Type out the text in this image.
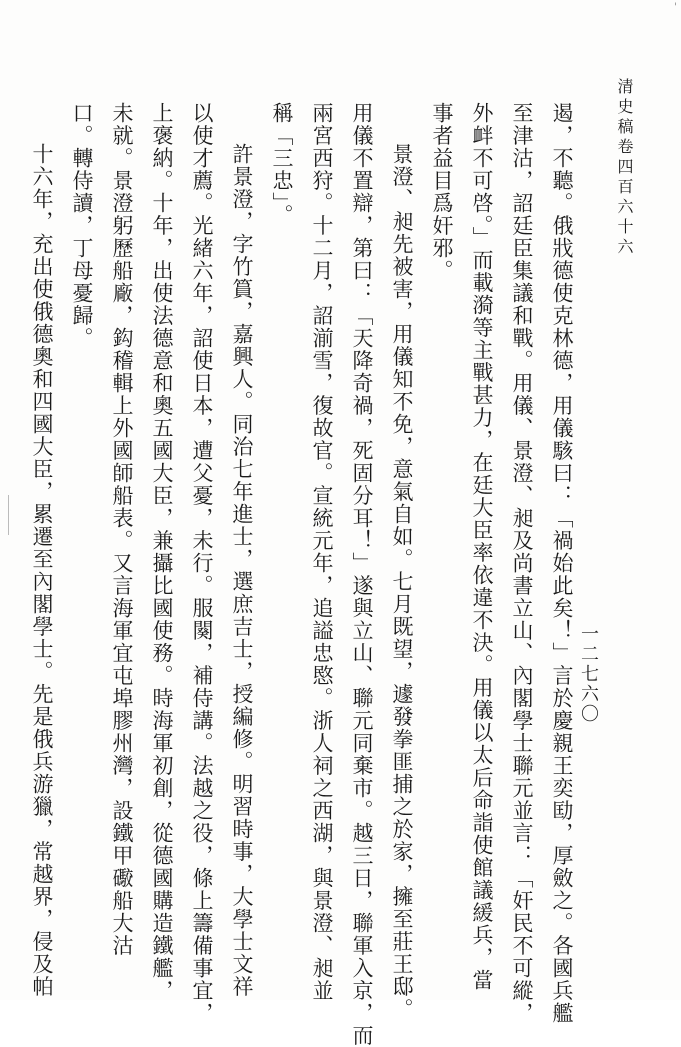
'
清史稿卷四百六十六
一二七六〇
遏，不聽。俄戕德使克林德，用儀駭曰：「禍始此矣！」言於慶親王奕劻，厚斂之。各國兵艦
至津沽，詔廷臣集議和戰。用儀、景澄、昶及尚書立山、內閣學士聯元並言：「奸民不可縱，
外衅不可啓。」而載漪等主戰甚力，在廷大臣率依違不決。用儀以太后命詣使館議緩兵，當
事者益目爲奸邪。
景澄、昶先被害，用儀知不免，意氣自如。七月既望，遽發拳匪捕之於家，擁至莊王邸。
用儀不置辯，第曰：「天降奇禍，死固分耳！」遂與立山、聯元同棄市。越三日，聯軍入京，而
兩宮西狩。十二月，詔湔雪，復故官。宣統元年，追謚忠愍。浙人祠之西湖，與景澄、昶並
稱「三忠」。
許景澄，字竹篔，嘉興人。同治七年進士，選庶吉士，授編修。明習時事，大學士文祥
以使才薦。光緒六年，詔使日本，遭父憂，未行。服闋，補侍講。法越之役，條上籌備事宜，
上褒納。十年，出使法德意和奧五國大臣，兼攝比國使務。時海軍初創，從德國購造鐵艦，
未就。景澄躬歷船廠，鈎稽輯上外國師船表。又言海軍宜屯埠膠州灣，設鐵甲礮船大沽
口。轉侍讀，丁母憂歸。
十六年，充出使俄德奧和四國大臣，累遷至內閣學士。先是俄兵游獵，常越界，侵及帕
